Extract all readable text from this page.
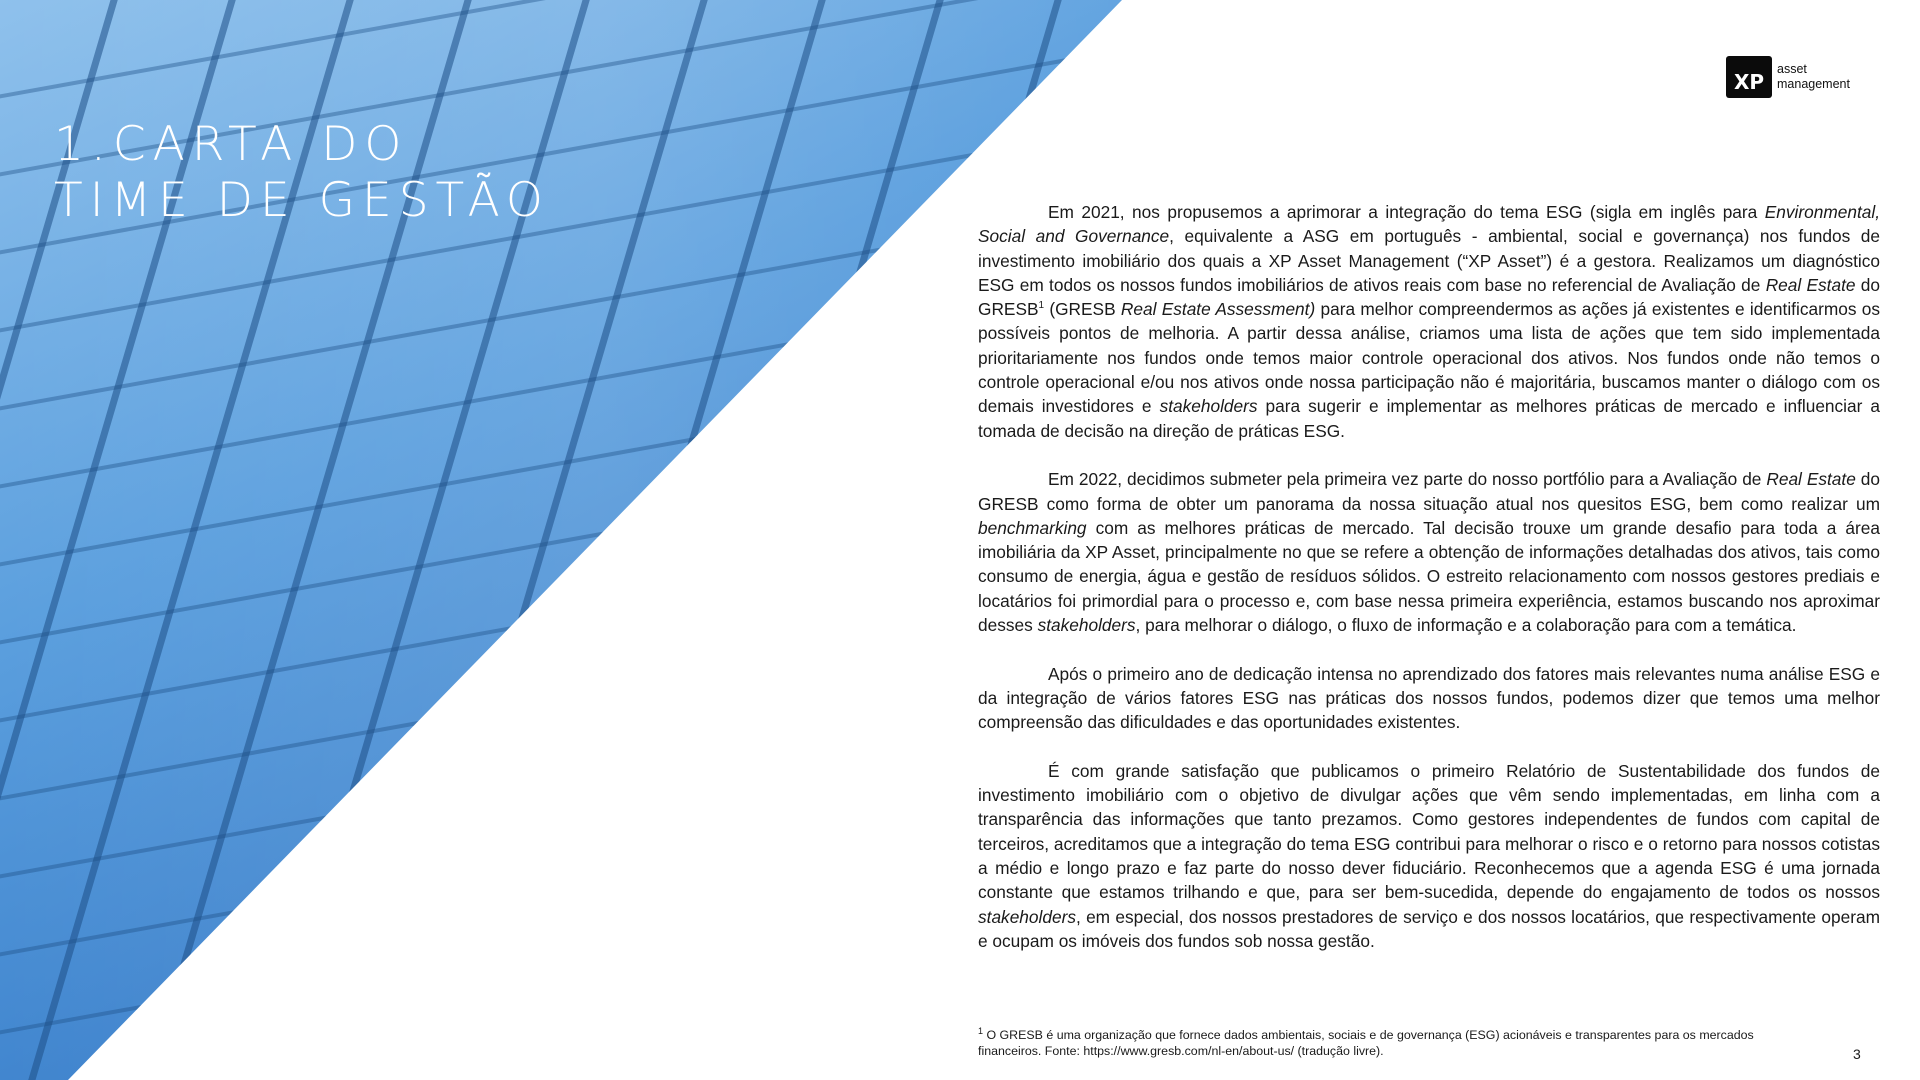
1.CARTA DO
TIME DE GESTÃO
XP
asset
management

Em 2021, nos propusemos a aprimorar a integração do tema ESG (sigla em inglês para Environmental, Social and Governance, equivalente a ASG em português - ambiental, social e governança) nos fundos de investimento imobiliário dos quais a XP Asset Management (“XP Asset”) é a gestora. Realizamos um diagnóstico ESG em todos os nossos fundos imobiliários de ativos reais com base no referencial de Avaliação de Real Estate do GRESB$^1$ (GRESB Real Estate Assessment) para melhor compreendermos as ações já existentes e identificarmos os possíveis pontos de melhoria. A partir dessa análise, criamos uma lista de ações que tem sido implementada prioritariamente nos fundos onde temos maior controle operacional dos ativos. Nos fundos onde não temos o controle operacional e/ou nos ativos onde nossa participação não é majoritária, buscamos manter o diálogo com os demais investidores e stakeholders para sugerir e implementar as melhores práticas de mercado e influenciar a tomada de decisão na direção de práticas ESG.

Em 2022, decidimos submeter pela primeira vez parte do nosso portfólio para a Avaliação de Real Estate do GRESB como forma de obter um panorama da nossa situação atual nos quesitos ESG, bem como realizar um benchmarking com as melhores práticas de mercado. Tal decisão trouxe um grande desafio para toda a área imobiliária da XP Asset, principalmente no que se refere a obtenção de informações detalhadas dos ativos, tais como consumo de energia, água e gestão de resíduos sólidos. O estreito relacionamento com nossos gestores prediais e locatários foi primordial para o processo e, com base nessa primeira experiência, estamos buscando nos aproximar desses stakeholders, para melhorar o diálogo, o fluxo de informação e a colaboração para com a temática.

Após o primeiro ano de dedicação intensa no aprendizado dos fatores mais relevantes numa análise ESG e da integração de vários fatores ESG nas práticas dos nossos fundos, podemos dizer que temos uma melhor compreensão das dificuldades e das oportunidades existentes.

É com grande satisfação que publicamos o primeiro Relatório de Sustentabilidade dos fundos de investimento imobiliário com o objetivo de divulgar ações que vêm sendo implementadas, em linha com a transparência das informações que tanto prezamos. Como gestores independentes de fundos com capital de terceiros, acreditamos que a integração do tema ESG contribui para melhorar o risco e o retorno para nossos cotistas a médio e longo prazo e faz parte do nosso dever fiduciário. Reconhecemos que a agenda ESG é uma jornada constante que estamos trilhando e que, para ser bem-sucedida, depende do engajamento de todos os nossos stakeholders, em especial, dos nossos prestadores de serviço e dos nossos locatários, que respectivamente operam e ocupam os imóveis dos fundos sob nossa gestão.

$^1$ O GRESB é uma organização que fornece dados ambientais, sociais e de governança (ESG) acionáveis e transparentes para os mercados financeiros. Fonte: https://www.gresb.com/nl-en/about-us/ (tradução livre).	3
